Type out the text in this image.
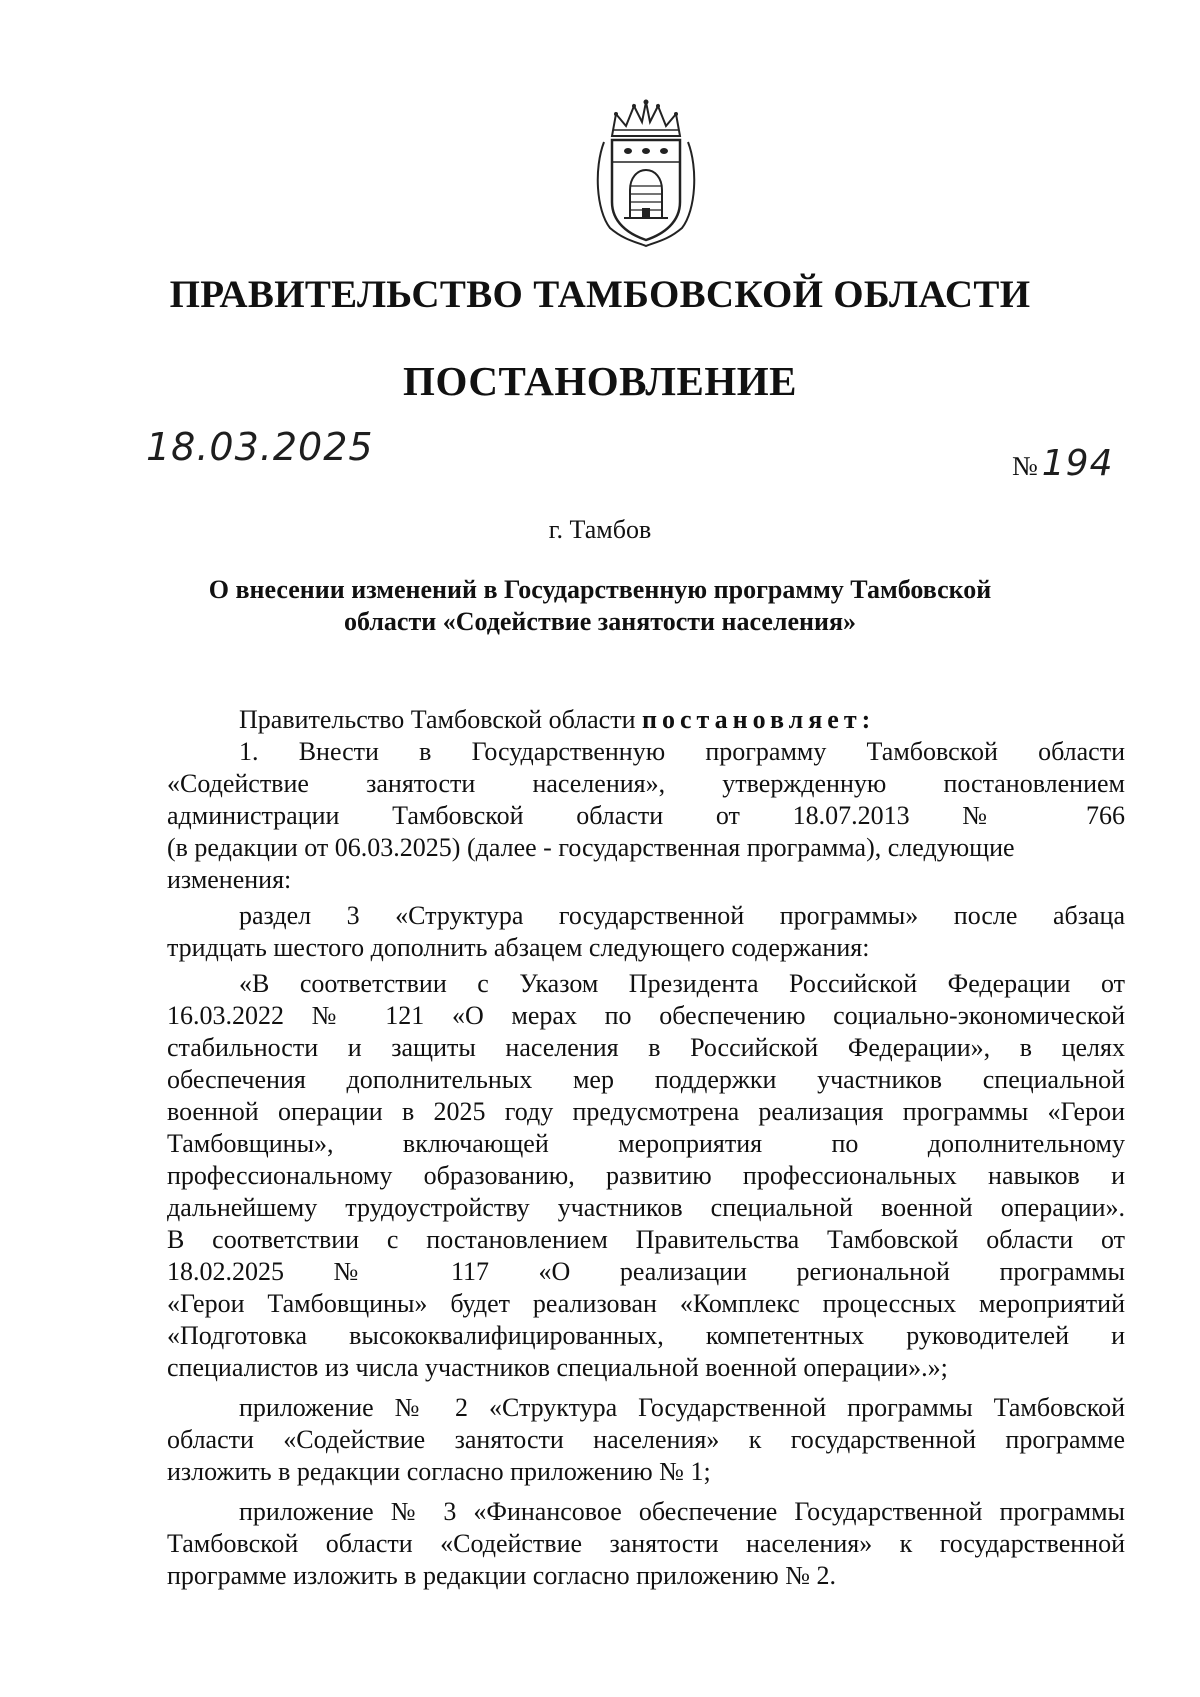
ПРАВИТЕЛЬСТВО ТАМБОВСКОЙ ОБЛАСТИ
ПОСТАНОВЛЕНИЕ
18.03.2025	№ 194
г. Тамбов
О внесении изменений в Государственную программу Тамбовской
области «Содействие занятости населения»
Правительство Тамбовской области постановляет:
1. Внести в Государственную программу Тамбовской области
«Содействие занятости населения», утвержденную постановлением
администрации Тамбовской области от 18.07.2013 № 766
(в редакции от 06.03.2025) (далее - государственная программа), следующие
изменения:
раздел 3 «Структура государственной программы» после абзаца
тридцать шестого дополнить абзацем следующего содержания:
«В соответствии с Указом Президента Российской Федерации от
16.03.2022 № 121 «О мерах по обеспечению социально-экономической
стабильности и защиты населения в Российской Федерации», в целях
обеспечения дополнительных мер поддержки участников специальной
военной операции в 2025 году предусмотрена реализация программы «Герои
Тамбовщины», включающей мероприятия по дополнительному
профессиональному образованию, развитию профессиональных навыков и
дальнейшему трудоустройству участников специальной военной операции».
В соответствии с постановлением Правительства Тамбовской области от
18.02.2025 № 117 «О реализации региональной программы
«Герои Тамбовщины» будет реализован «Комплекс процессных мероприятий
«Подготовка высококвалифицированных, компетентных руководителей и
специалистов из числа участников специальной военной операции».»;
приложение № 2 «Структура Государственной программы Тамбовской
области «Содействие занятости населения» к государственной программе
изложить в редакции согласно приложению № 1;
приложение № 3 «Финансовое обеспечение Государственной программы
Тамбовской области «Содействие занятости населения» к государственной
программе изложить в редакции согласно приложению № 2.
